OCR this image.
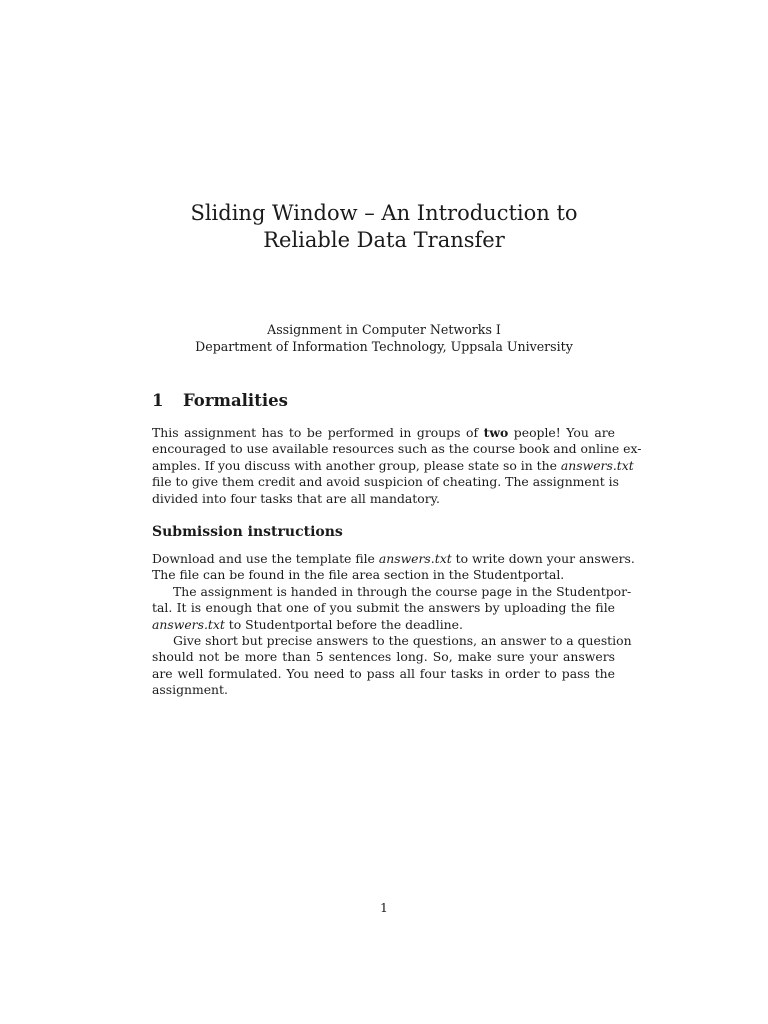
Sliding Window – An Introduction to
Reliable Data Transfer
Assignment in Computer Networks I
Department of Information Technology, Uppsala University
1 Formalities
This assignment has to be performed in groups of two people! You are
encouraged to use available resources such as the course book and online ex-
amples. If you discuss with another group, please state so in the answers.txt
file to give them credit and avoid suspicion of cheating. The assignment is
divided into four tasks that are all mandatory.
Submission instructions
Download and use the template file answers.txt to write down your answers.
The file can be found in the file area section in the Studentportal.
The assignment is handed in through the course page in the Studentpor-
tal. It is enough that one of you submit the answers by uploading the file
answers.txt to Studentportal before the deadline.
Give short but precise answers to the questions, an answer to a question
should not be more than 5 sentences long. So, make sure your answers
are well formulated. You need to pass all four tasks in order to pass the
assignment.
1
